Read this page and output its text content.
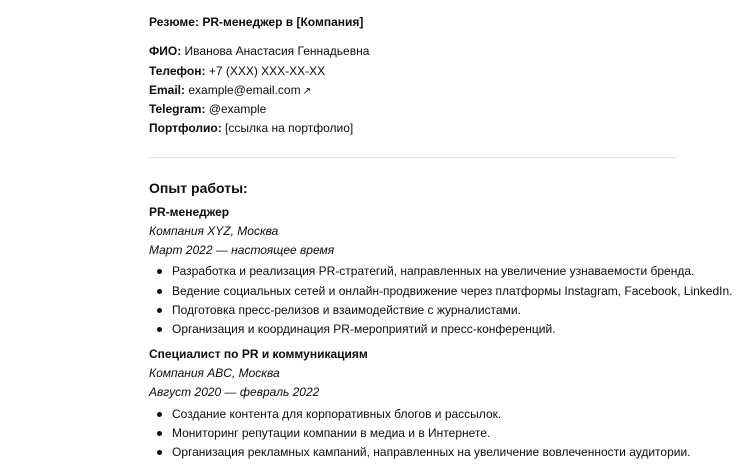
Резюме: PR-менеджер в [Компания]
ФИО: Иванова Анастасия Геннадьевна
Телефон: +7 (XXX) XXX-XX-XX
Email: example@email.com ↗
Telegram: @example
Портфолио: [ссылка на портфолио]
Опыт работы:
PR-менеджер
Компания XYZ, Москва
Март 2022 — настоящее время
Разработка и реализация PR-стратегий, направленных на увеличение узнаваемости бренда.
Ведение социальных сетей и онлайн-продвижение через платформы Instagram, Facebook, LinkedIn.
Подготовка пресс-релизов и взаимодействие с журналистами.
Организация и координация PR-мероприятий и пресс-конференций.
Специалист по PR и коммуникациям
Компания ABC, Москва
Август 2020 — февраль 2022
Создание контента для корпоративных блогов и рассылок.
Мониторинг репутации компании в медиа и в Интернете.
Организация рекламных кампаний, направленных на увеличение вовлеченности аудитории.
